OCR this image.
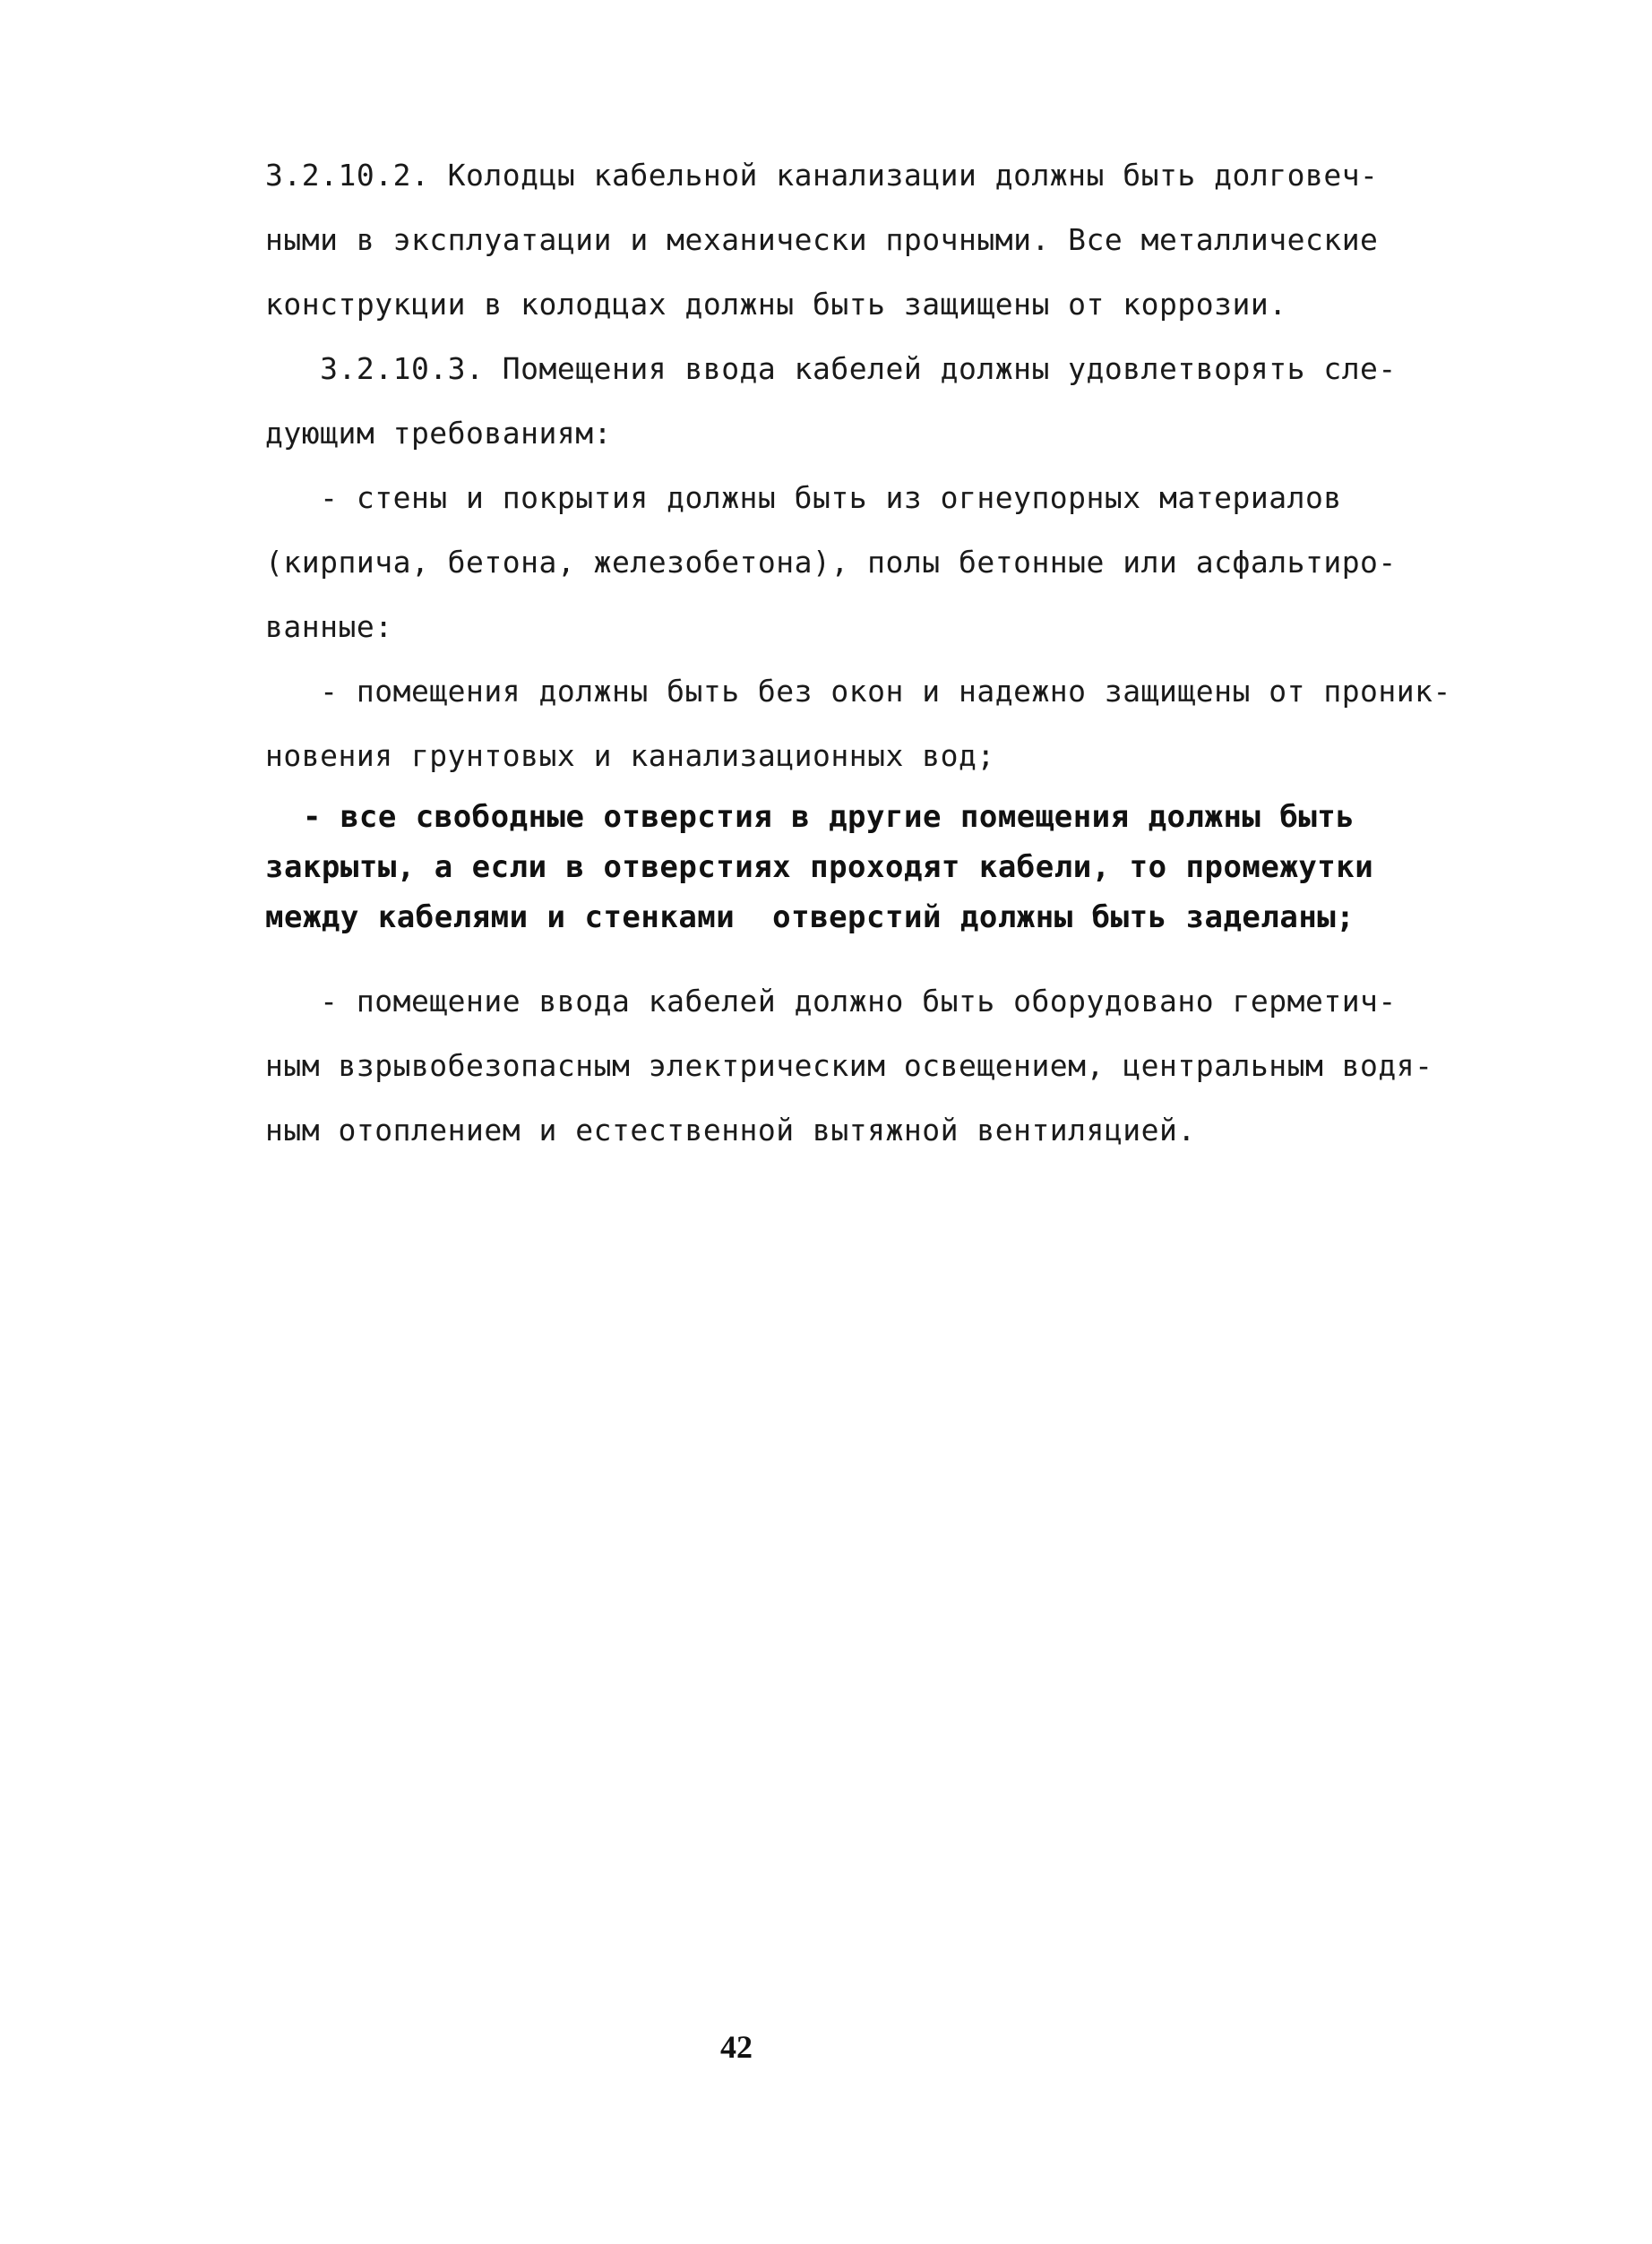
3.2.10.2. Колодцы кабельной канализации должны быть долговеч-
ными в эксплуатации и механически прочными. Все металлические
конструкции в колодцах должны быть защищены от коррозии.
3.2.10.3. Помещения ввода кабелей должны удовлетворять сле-
дующим требованиям:
- стены и покрытия должны быть из огнеупорных материалов
(кирпича, бетона, железобетона), полы бетонные или асфальтиро-
ванные:
- помещения должны быть без окон и надежно защищены от проник-
новения грунтовых и канализационных вод;
- все свободные отверстия в другие помещения должны быть
закрыты, а если в отверстиях проходят кабели, то промежутки
между кабелями и стенками  отверстий должны быть заделаны;
- помещение ввода кабелей должно быть оборудовано герметич-
ным взрывобезопасным электрическим освещением, центральным водя-
ным отоплением и естественной вытяжной вентиляцией.
42
